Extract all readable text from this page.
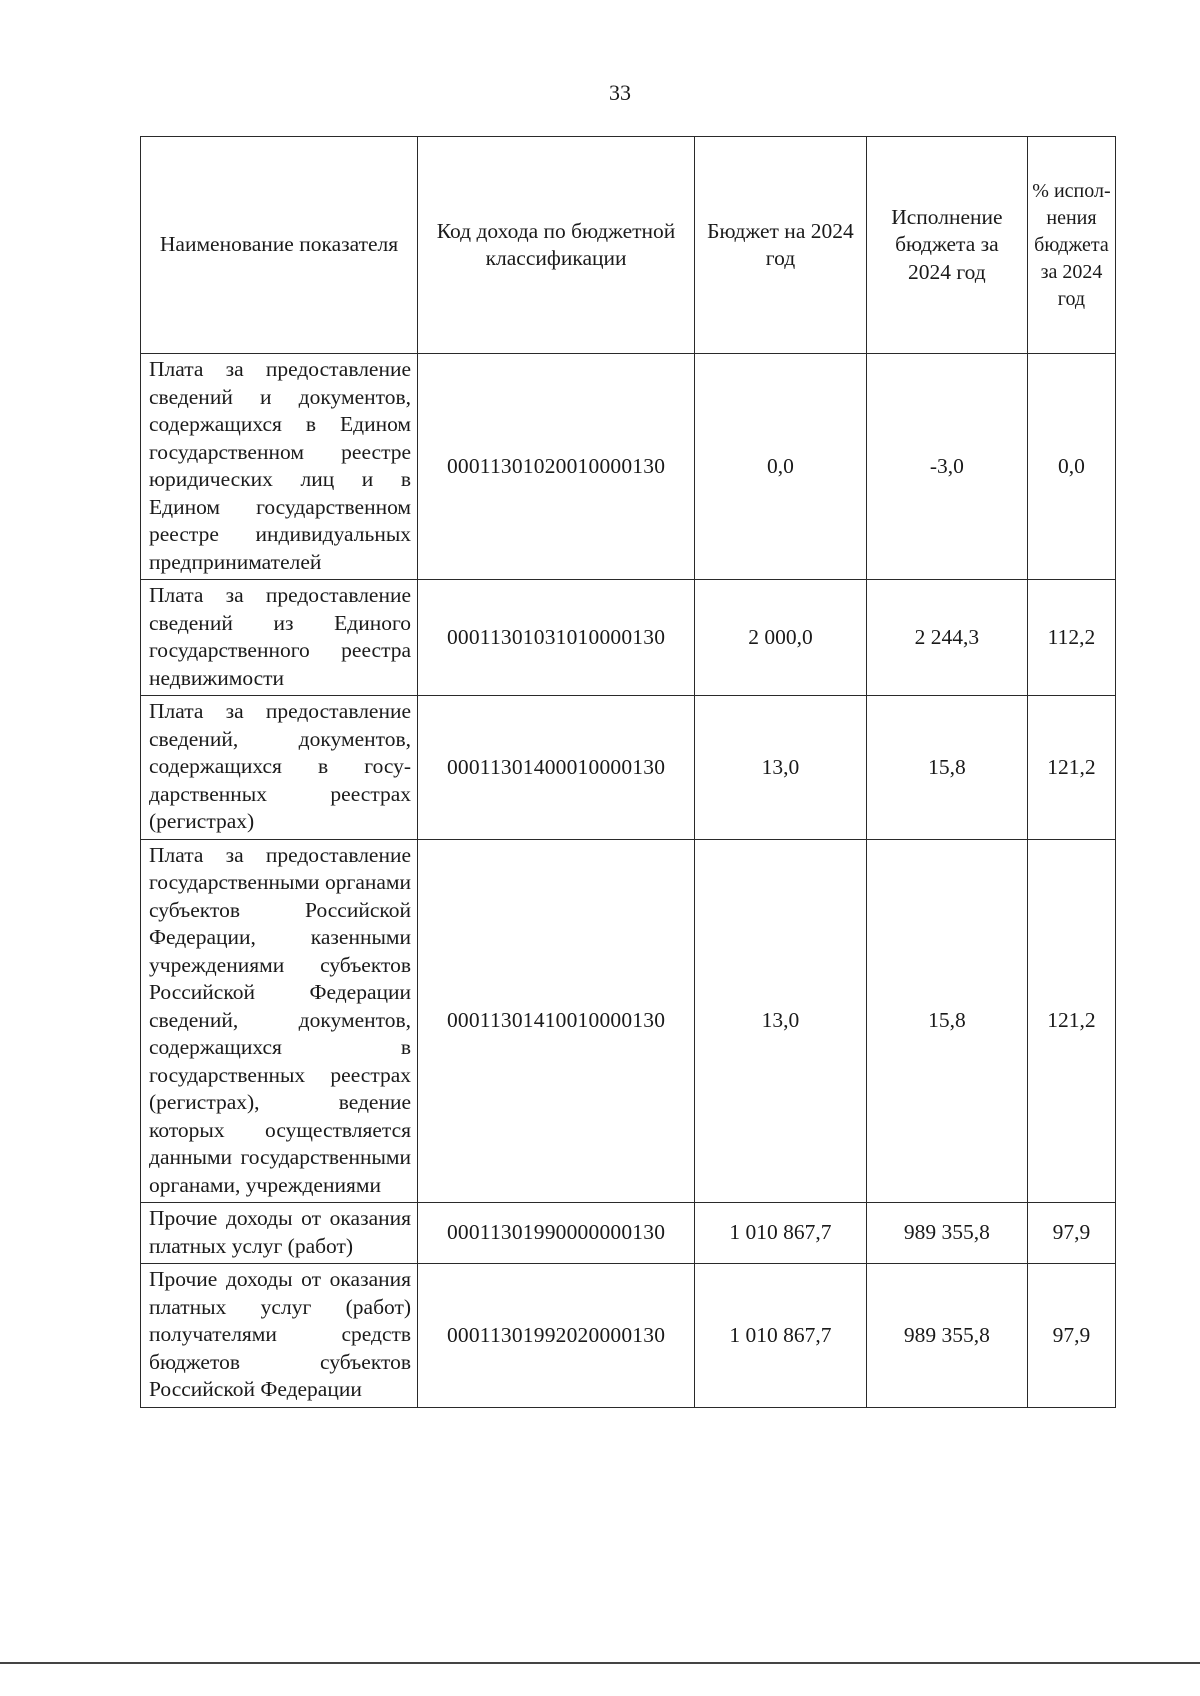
33
Наименование показателя	Код дохода по бюджетной классификации	Бюджет на 2024 год	Исполнение бюджета за 2024 год	% исполнения бюджета за 2024 год
Плата за предоставление сведений и документов, содержащихся в Едином государственном реестре юридических лиц и в Едином государственном реестре индивидуальных предпринимателей	00011301020010000130	0,0	-3,0	0,0
Плата за предоставление сведений из Единого государственного реестра недвижимости	00011301031010000130	2 000,0	2 244,3	112,2
Плата за предоставление сведений, документов, содержащихся в государственных реестрах (регистрах)	00011301400010000130	13,0	15,8	121,2
Плата за предоставление государственными органами субъектов Российской Федерации, казенными учреждениями субъектов Российской Федерации сведений, документов, содержащихся в государственных реестрах (регистрах), ведение которых осуществляется данными государственными органами, учреждениями	00011301410010000130	13,0	15,8	121,2
Прочие доходы от оказания платных услуг (работ)	00011301990000000130	1 010 867,7	989 355,8	97,9
Прочие доходы от оказания платных услуг (работ) получателями средств бюджетов субъектов Российской Федерации	00011301992020000130	1 010 867,7	989 355,8	97,9
